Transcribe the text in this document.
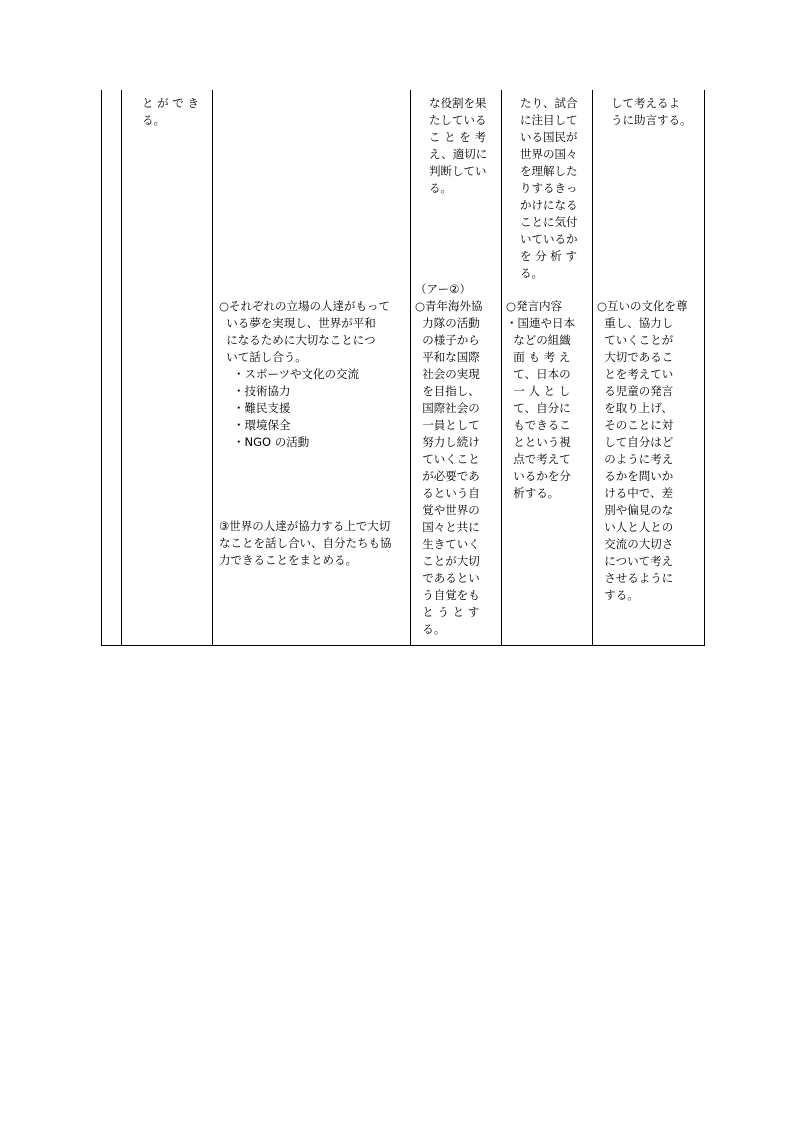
と が で き

る。

な役割を果

たしている

こ と を 考

え、適切に

判断してい

る。

たり、試合

に注目して

いる国民が

世界の国々

を理解した

りするきっ

かけになる

ことに気付

いているか

を 分 析 す

る。

して考えるよ

うに助言する。

○それぞれの立場の人達がもって

いる夢を実現し、世界が平和

になるために大切なことにつ

いて話し合う。

・スポーツや文化の交流

・技術協力

・難民支援

・環境保全

・NGO の活動

③世界の人達が協力する上で大切

なことを話し合い、自分たちも協

力できることをまとめる。

（アー②）

○青年海外協

力隊の活動

の様子から

平和な国際

社会の実現

を目指し、

国際社会の

一員として

努力し続け

ていくこと

が必要であ

るという自

覚や世界の

国々と共に

生きていく

ことが大切

であるとい

う自覚をも

と う と す

る。

○発言内容

・国連や日本

などの組織

面 も 考 え

て、日本の

一 人 と し

て、自分に

もできるこ

とという視

点で考えて

いるかを分

析する。

○互いの文化を尊

重し、協力し

ていくことが

大切であるこ

とを考えてい

る児童の発言

を取り上げ、

そのことに対

して自分はど

のように考え

るかを問いか

ける中で、差

別や偏見のな

い人と人との

交流の大切さ

について考え

させるように

する。
